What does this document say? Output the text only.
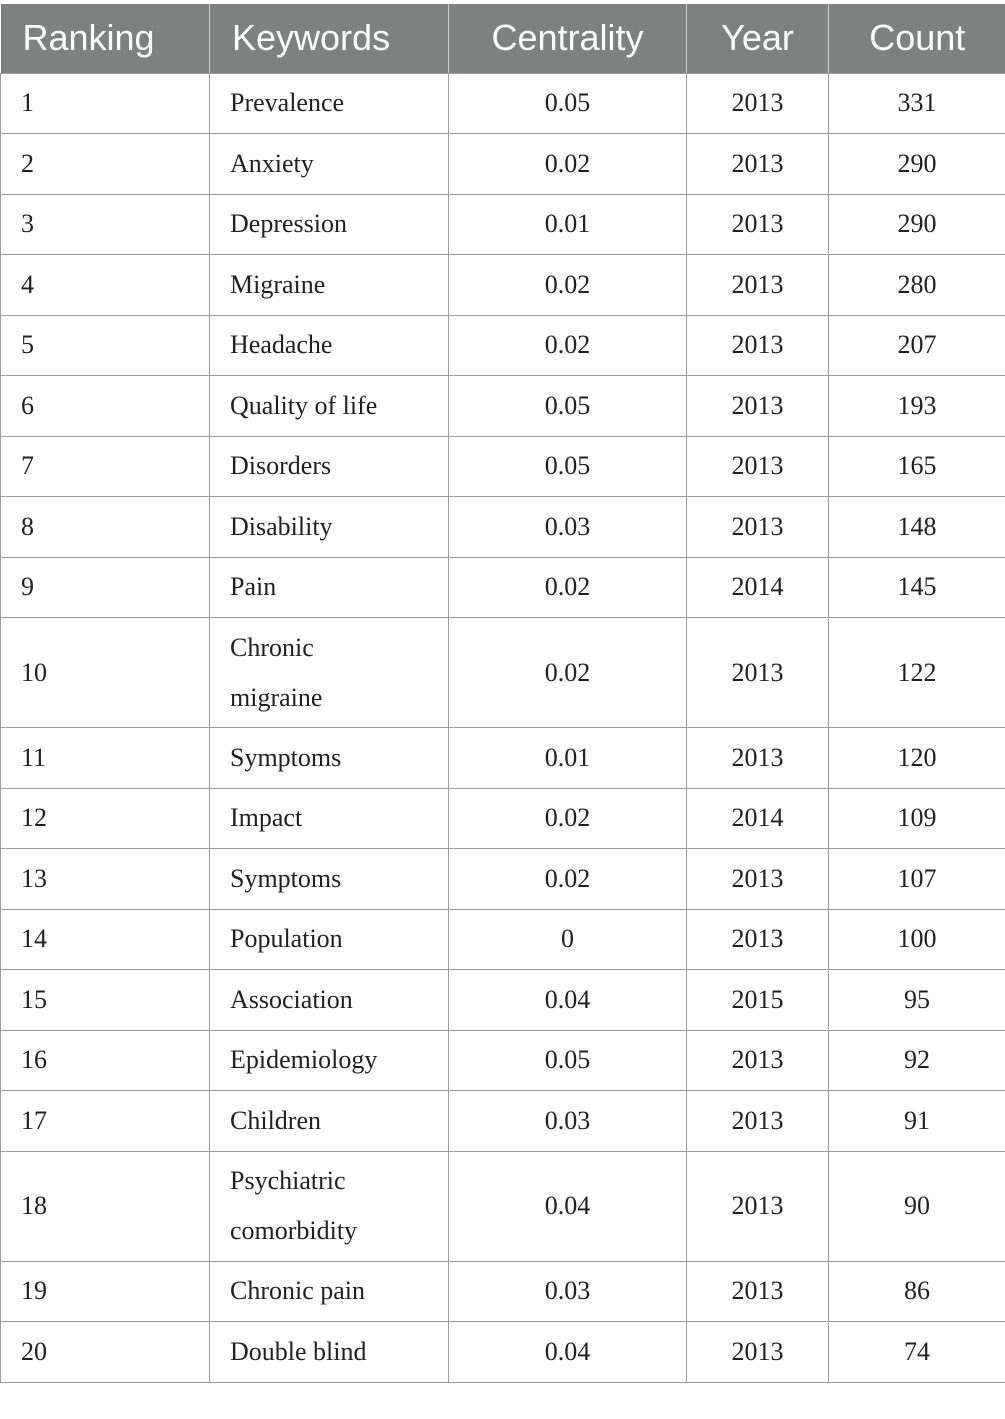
Ranking	Keywords	Centrality	Year	Count
1	Prevalence	0.05	2013	331
2	Anxiety	0.02	2013	290
3	Depression	0.01	2013	290
4	Migraine	0.02	2013	280
5	Headache	0.02	2013	207
6	Quality of life	0.05	2013	193
7	Disorders	0.05	2013	165
8	Disability	0.03	2013	148
9	Pain	0.02	2014	145
10	Chronic
migraine	0.02	2013	122
11	Symptoms	0.01	2013	120
12	Impact	0.02	2014	109
13	Symptoms	0.02	2013	107
14	Population	0	2013	100
15	Association	0.04	2015	95
16	Epidemiology	0.05	2013	92
17	Children	0.03	2013	91
18	Psychiatric
comorbidity	0.04	2013	90
19	Chronic pain	0.03	2013	86
20	Double blind	0.04	2013	74
